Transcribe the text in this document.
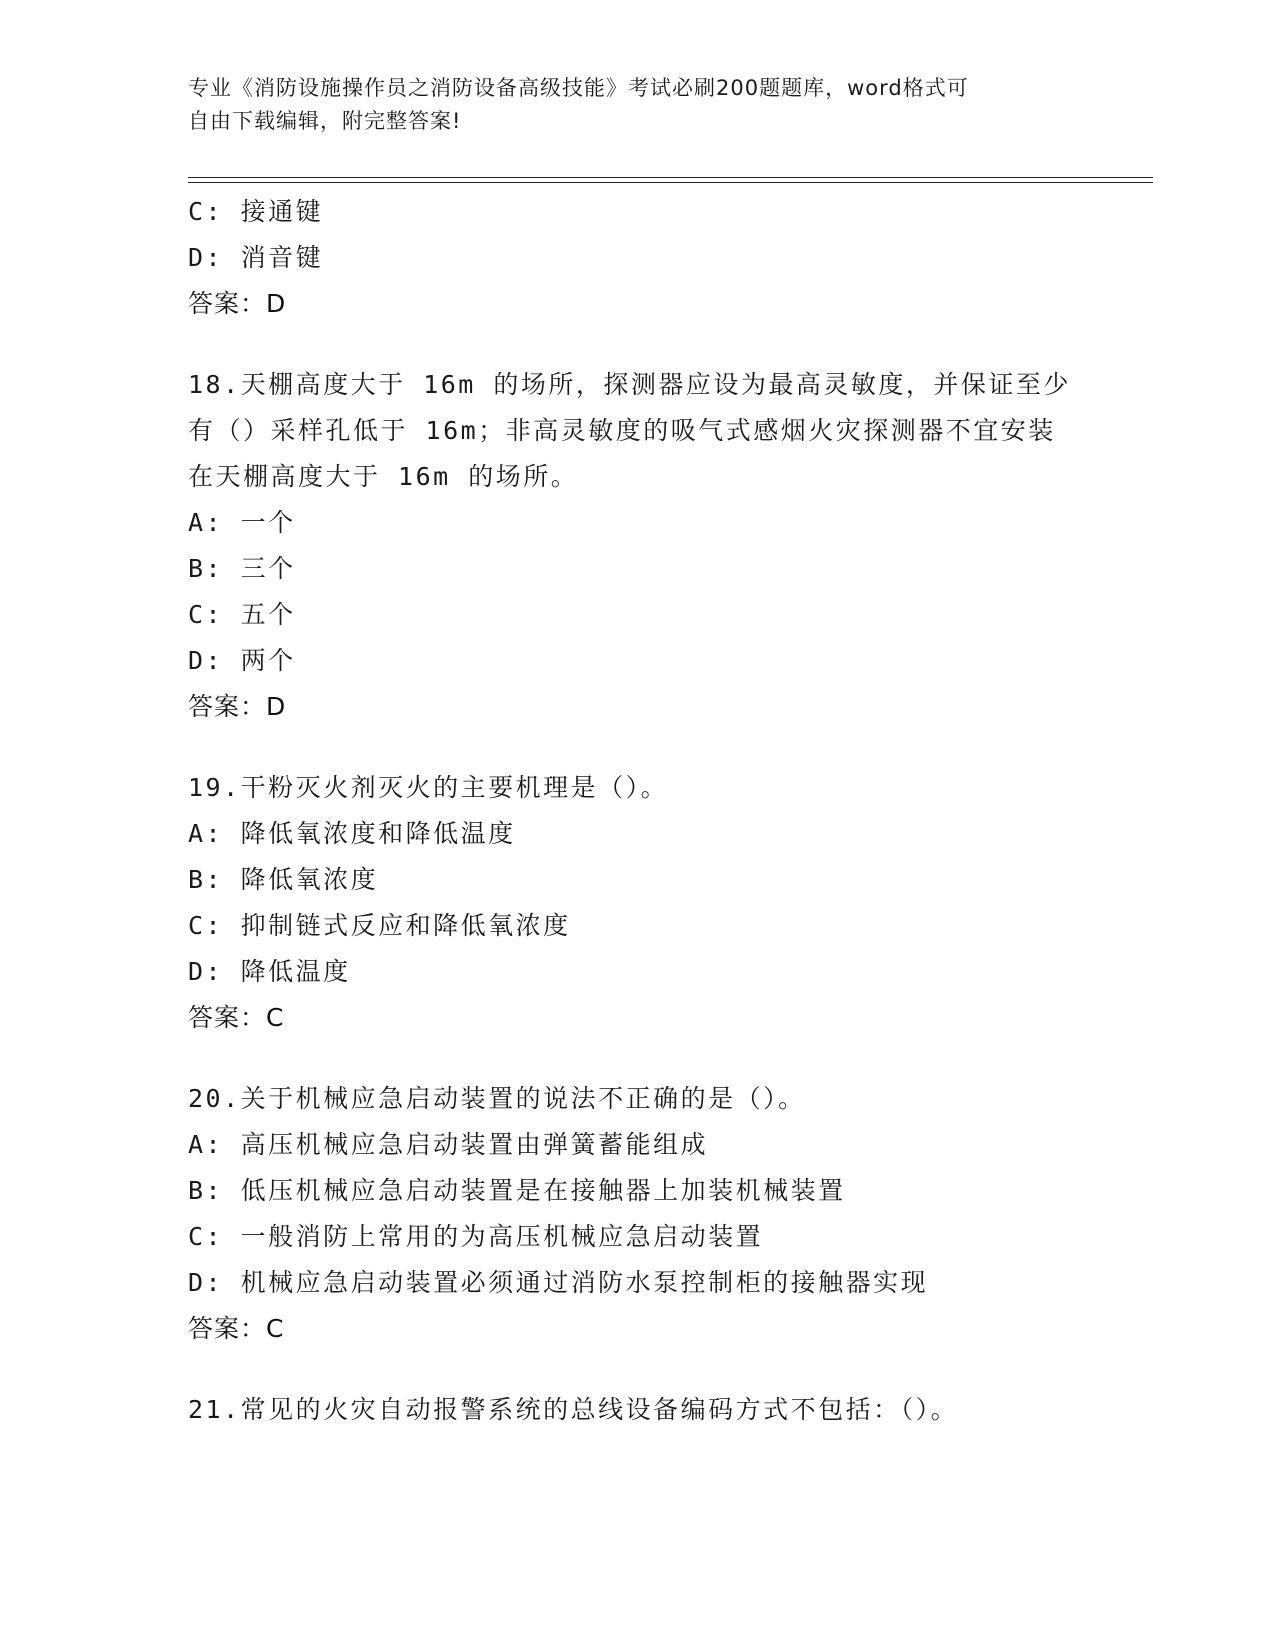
专业《消防设施操作员之消防设备高级技能》考试必刷200题题库，word格式可
自由下载编辑，附完整答案!
C: 接通键
D: 消音键
答案：D
18.天棚高度大于 16m 的场所，探测器应设为最高灵敏度，并保证至少
有（）采样孔低于 16m；非高灵敏度的吸气式感烟火灾探测器不宜安装
在天棚高度大于 16m 的场所。
A: 一个
B: 三个
C: 五个
D: 两个
答案：D
19.干粉灭火剂灭火的主要机理是（）。
A: 降低氧浓度和降低温度
B: 降低氧浓度
C: 抑制链式反应和降低氧浓度
D: 降低温度
答案：C
20.关于机械应急启动装置的说法不正确的是（）。
A: 高压机械应急启动装置由弹簧蓄能组成
B: 低压机械应急启动装置是在接触器上加装机械装置
C: 一般消防上常用的为高压机械应急启动装置
D: 机械应急启动装置必须通过消防水泵控制柜的接触器实现
答案：C
21.常见的火灾自动报警系统的总线设备编码方式不包括：（）。
